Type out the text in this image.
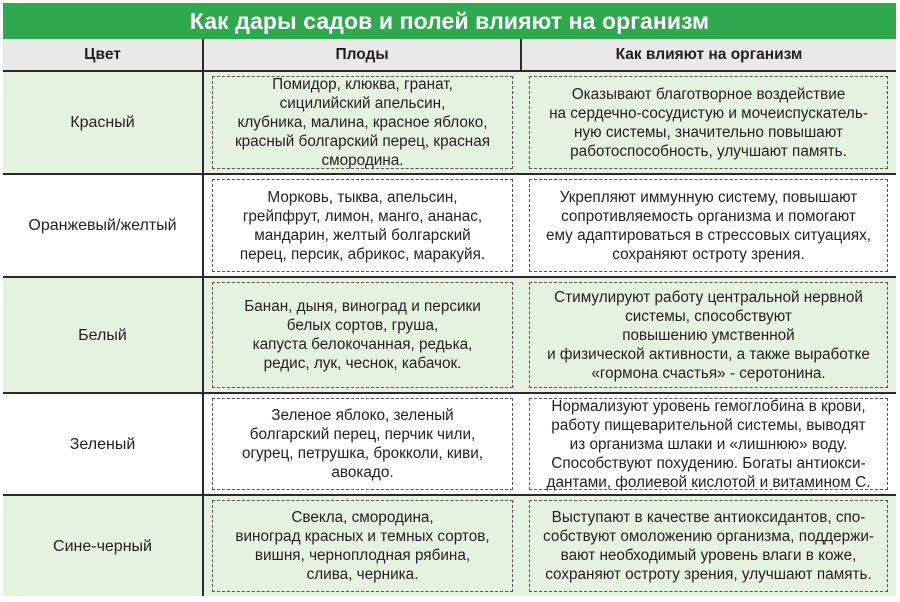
Как дары садов и полей влияют на организм
Цвет	Плоды	Как влияют на организм
Красный	Помидор, клюква, гранат,
сицилийский апельсин,
клубника, малина, красное яблоко,
красный болгарский перец, красная
смородина.	Оказывают благотворное воздействие
на сердечно-сосудистую и мочеиспускатель-
ную системы, значительно повышают
работоспособность, улучшают память.

Оранжевый/желтый	Морковь, тыква, апельсин,
грейпфрут, лимон, манго, ананас,
мандарин, желтый болгарский
перец, персик, абрикос, маракуйя.	Укрепляют иммунную систему, повышают
сопротивляемость организма и помогают
ему адаптироваться в стрессовых ситуациях,
сохраняют остроту зрения.

Белый	Банан, дыня, виноград и персики
белых сортов, груша,
капуста белокочанная, редька,
редис, лук, чеснок, кабачок.	Стимулируют работу центральной нервной
системы, способствуют
повышению умственной
и физической активности, а также выработке
«гормона счастья» - серотонина.

Зеленый	Зеленое яблоко, зеленый
болгарский перец, перчик чили,
огурец, петрушка, брокколи, киви,
авокадо.	Нормализуют уровень гемоглобина в крови,
работу пищеварительной системы, выводят
из организма шлаки и «лишнюю» воду.
Способствуют похудению. Богаты антиокси-
дантами, фолиевой кислотой и витамином С.

Сине-черный	Свекла, смородина,
виноград красных и темных сортов,
вишня, черноплодная рябина,
слива, черника.	Выступают в качестве антиоксидантов, спо-
собствуют омоложению организма, поддержи-
вают необходимый уровень влаги в коже,
сохраняют остроту зрения, улучшают память.
